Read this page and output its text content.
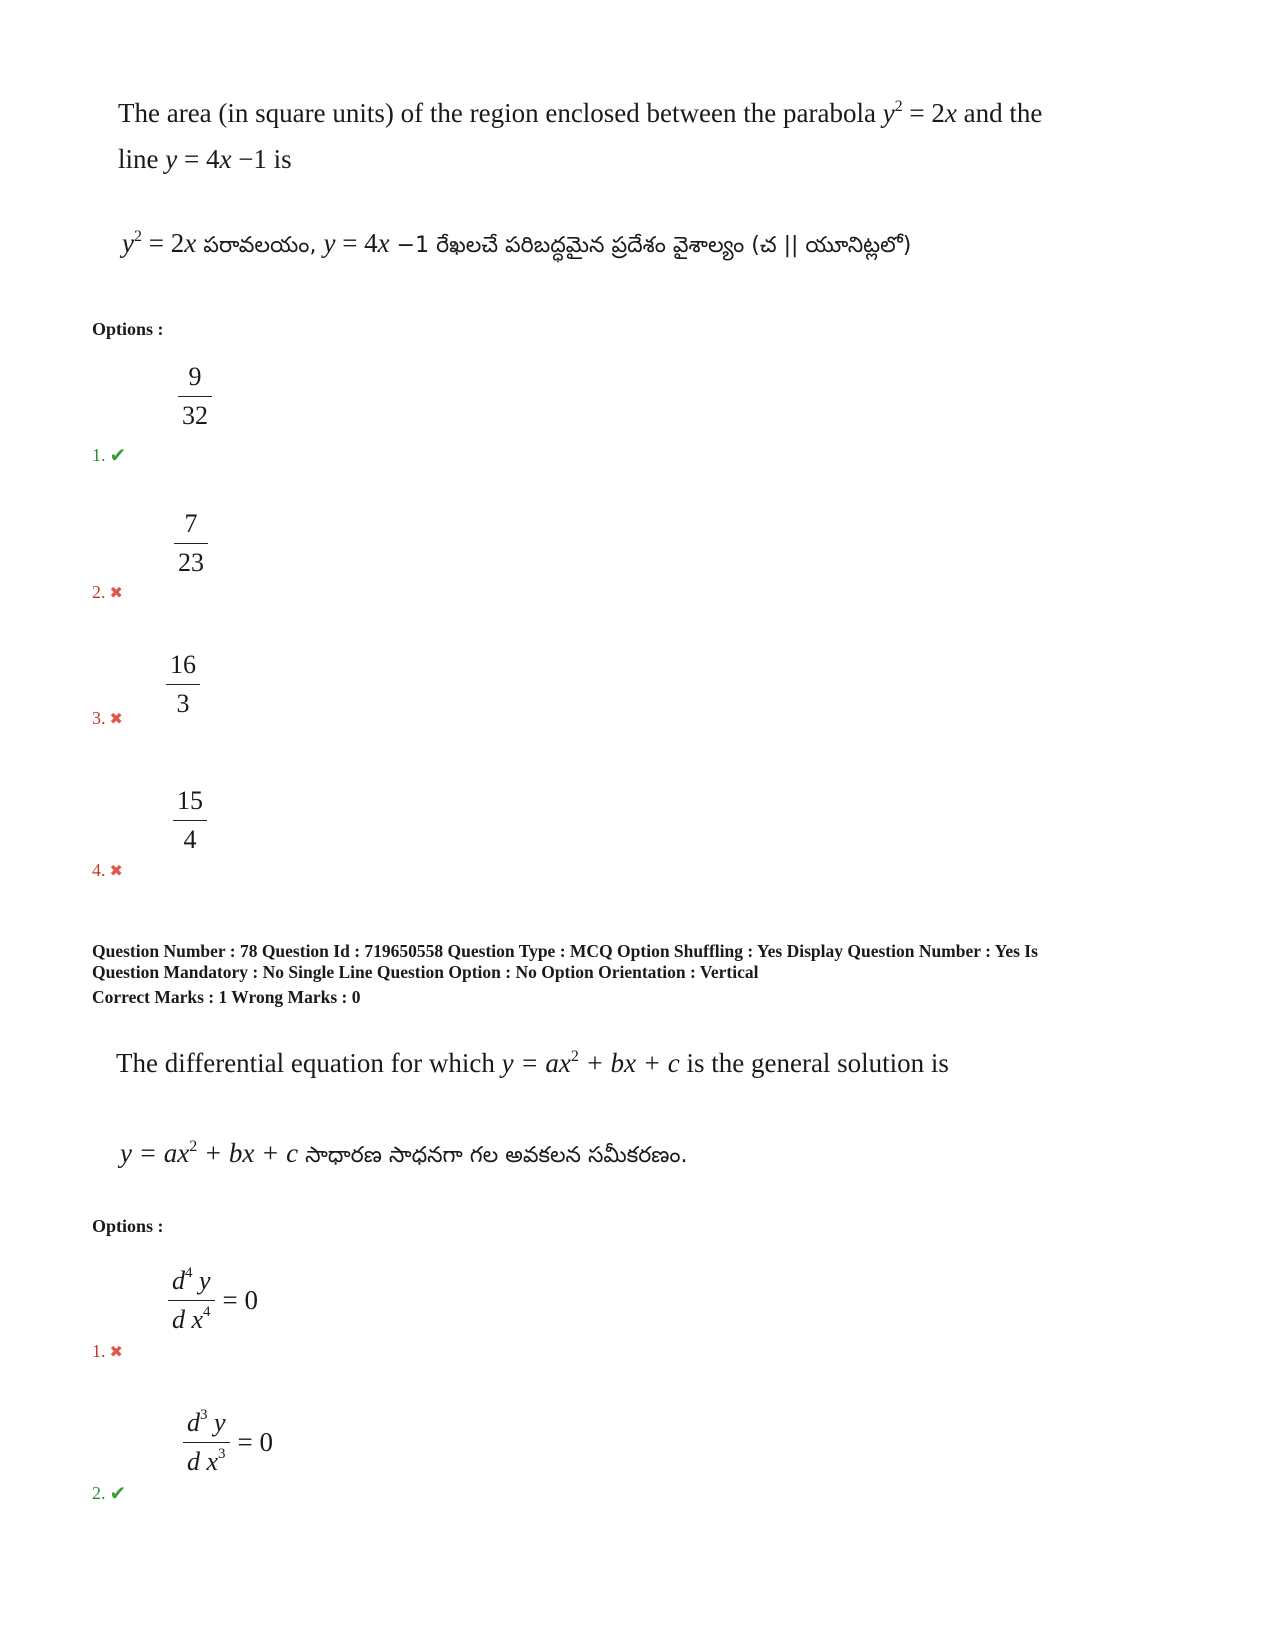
The area (in square units) of the region enclosed between the parabola $y^2 = 2x$ and the
line y = 4x −1 is
$y^2 = 2x$ పరావలయం, y = 4x −1 రేఖలచే పరిబద్ధమైన ప్రదేశం వైశాల్యం (చ || యూనిట్లలో)
Options :
9
32
1. ✔
7
23
2. ✖
16
3
3. ✖
15
4
4. ✖
Question Number : 78 Question Id : 719650558 Question Type : MCQ Option Shuffling : Yes Display Question Number : Yes Is
Question Mandatory : No Single Line Question Option : No Option Orientation : Vertical
Correct Marks : 1 Wrong Marks : 0
The differential equation for which $y = ax^2$ + bx + c is the general solution is
$y = ax^2$ + bx + c సాధారణ సాధనగా గల అవకలన సమీకరణం.
Options :
$\frac{d^4 y}{d x^4} = 0$
1. ✖
$\frac{d^3 y}{d x^3} = 0$
2. ✔
